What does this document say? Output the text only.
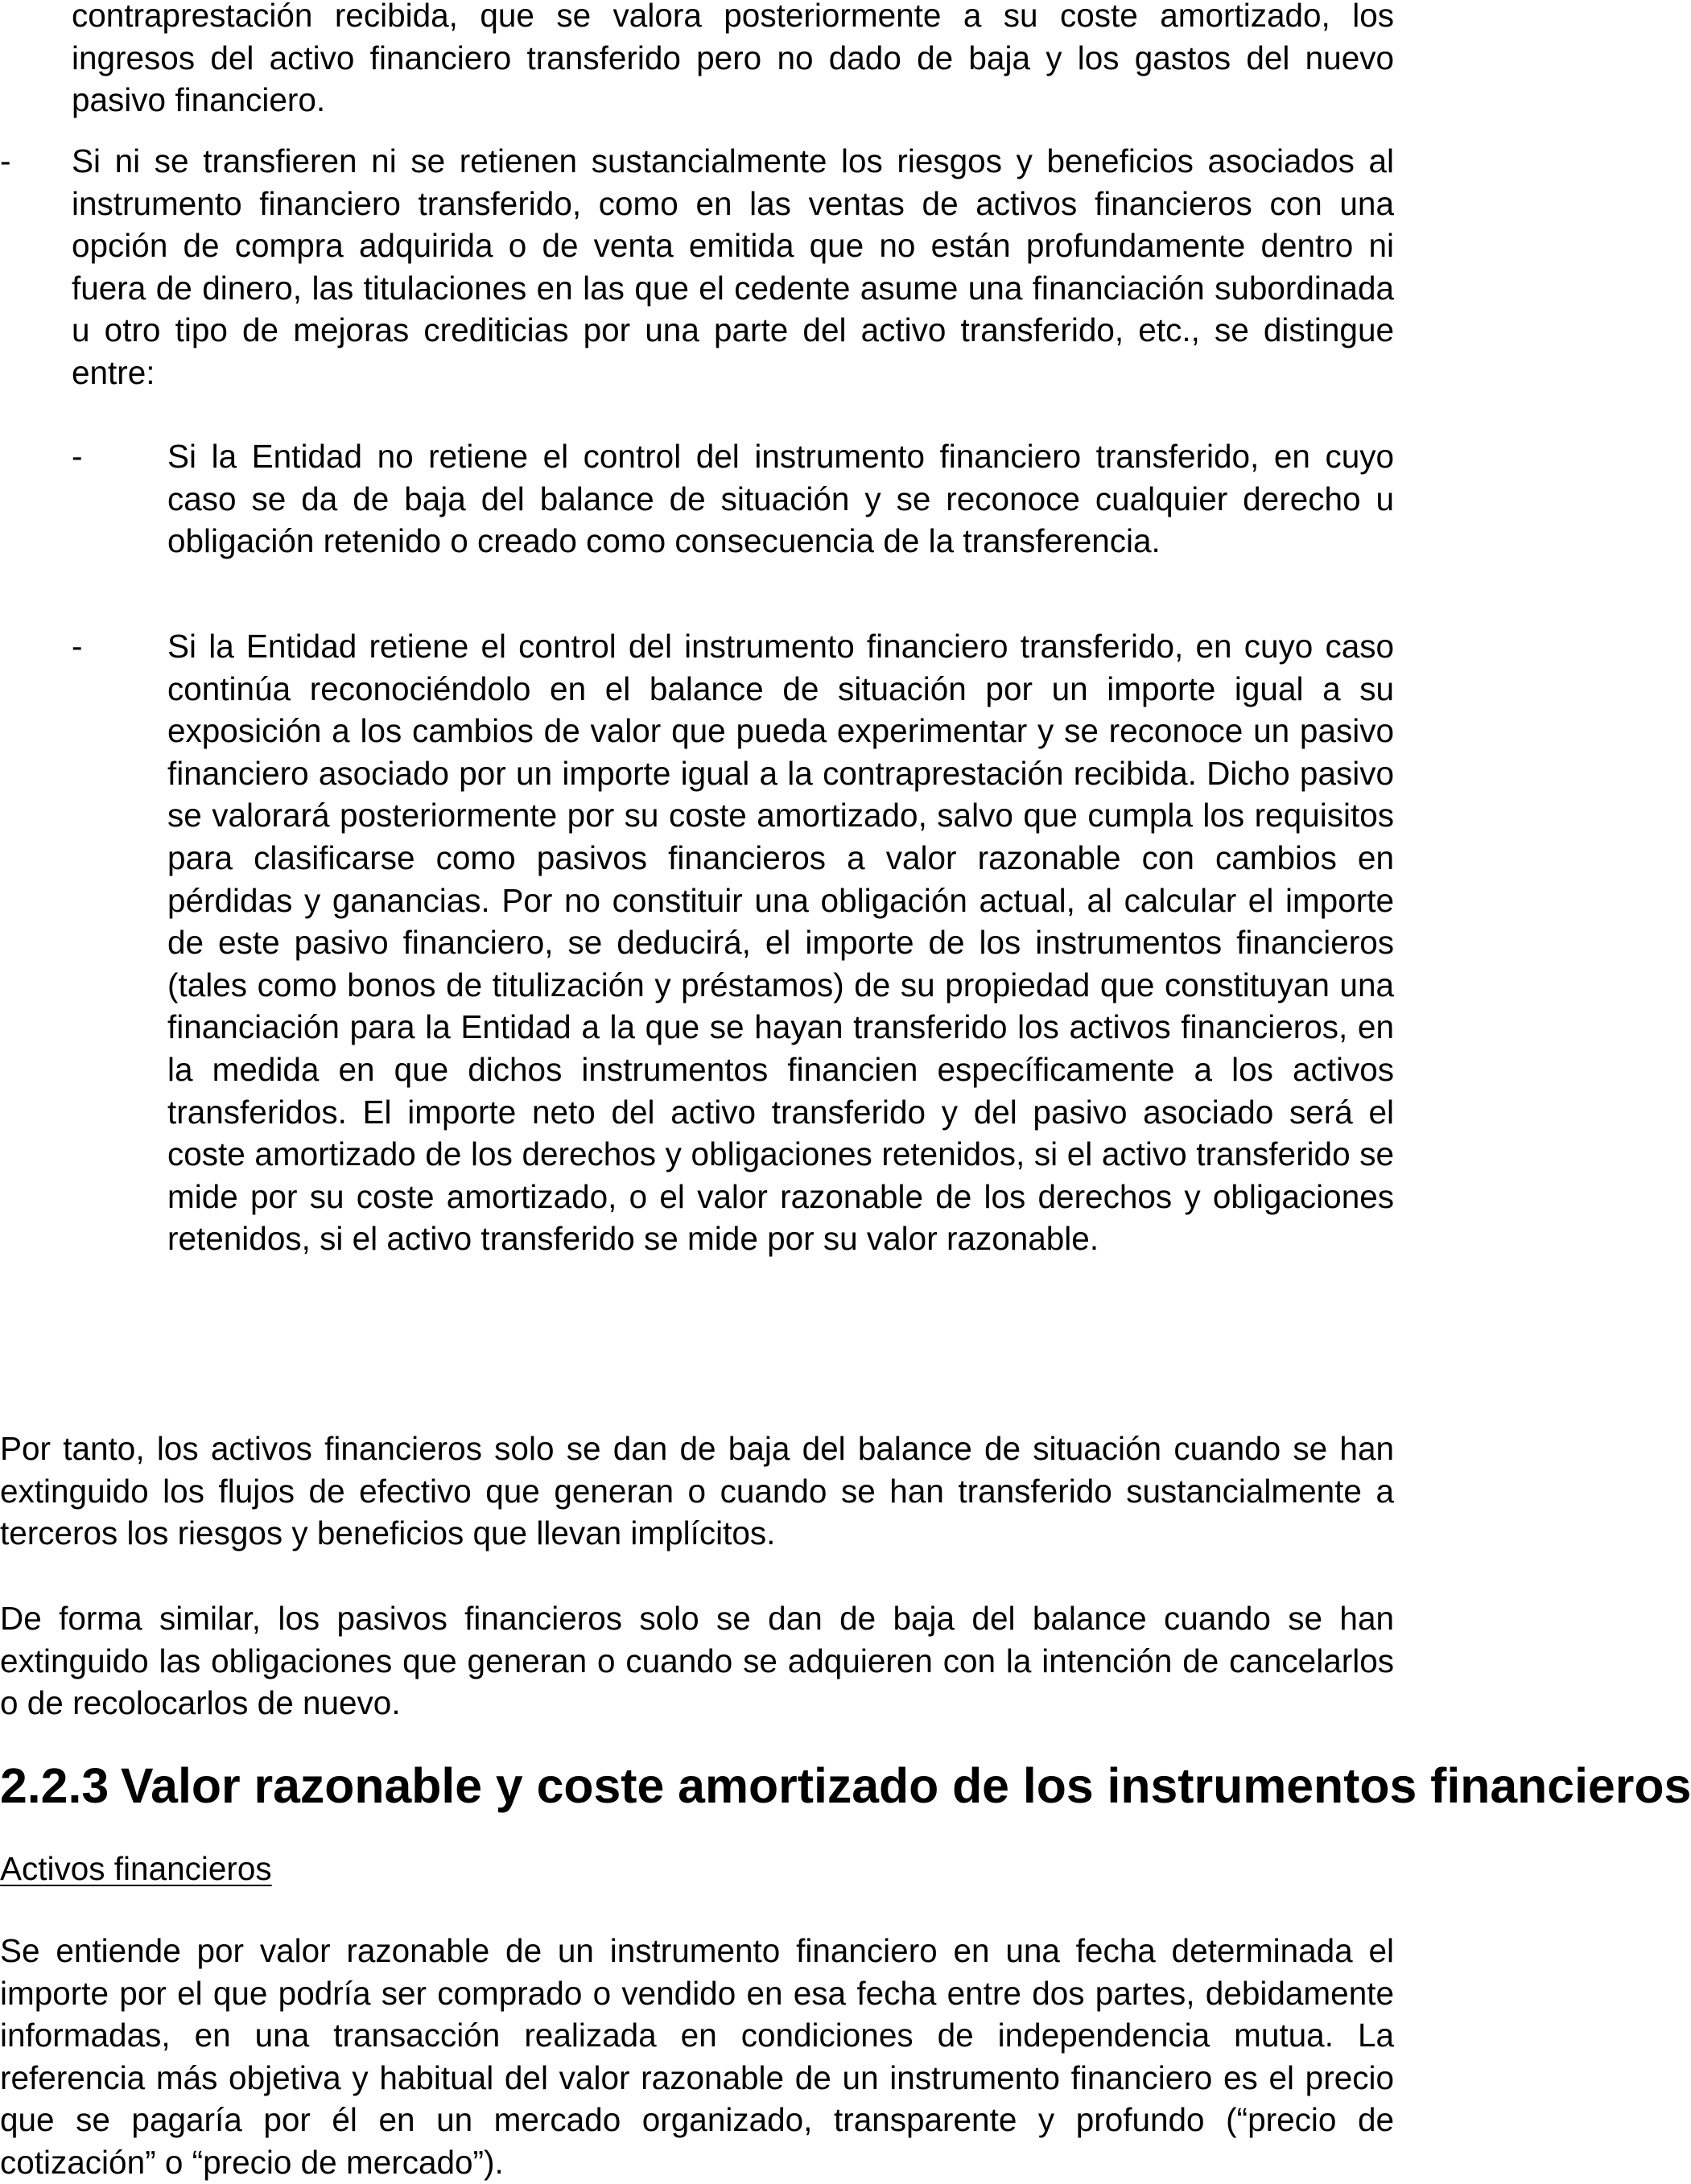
contraprestación recibida, que se valora posteriormente a su coste amortizado, los ingresos del activo financiero transferido pero no dado de baja y los gastos del nuevo pasivo financiero.

- Si ni se transfieren ni se retienen sustancialmente los riesgos y beneficios asociados al instrumento financiero transferido, como en las ventas de activos financieros con una opción de compra adquirida o de venta emitida que no están profundamente dentro ni fuera de dinero, las titulaciones en las que el cedente asume una financiación subordinada u otro tipo de mejoras crediticias por una parte del activo transferido, etc., se distingue entre:

-	Si la Entidad no retiene el control del instrumento financiero transferido, en cuyo caso se da de baja del balance de situación y se reconoce cualquier derecho u obligación retenido o creado como consecuencia de la transferencia.

-	Si la Entidad retiene el control del instrumento financiero transferido, en cuyo caso continúa reconociéndolo en el balance de situación por un importe igual a su exposición a los cambios de valor que pueda experimentar y se reconoce un pasivo financiero asociado por un importe igual a la contraprestación recibida. Dicho pasivo se valorará posteriormente por su coste amortizado, salvo que cumpla los requisitos para clasificarse como pasivos financieros a valor razonable con cambios en pérdidas y ganancias. Por no constituir una obligación actual, al calcular el importe de este pasivo financiero, se deducirá, el importe de los instrumentos financieros (tales como bonos de titulización y préstamos) de su propiedad que constituyan una financiación para la Entidad a la que se hayan transferido los activos financieros, en la medida en que dichos instrumentos financien específicamente a los activos transferidos. El importe neto del activo transferido y del pasivo asociado será el coste amortizado de los derechos y obligaciones retenidos, si el activo transferido se mide por su coste amortizado, o el valor razonable de los derechos y obligaciones retenidos, si el activo transferido se mide por su valor razonable.

Por tanto, los activos financieros solo se dan de baja del balance de situación cuando se han extinguido los flujos de efectivo que generan o cuando se han transferido sustancialmente a terceros los riesgos y beneficios que llevan implícitos.

De forma similar, los pasivos financieros solo se dan de baja del balance cuando se han extinguido las obligaciones que generan o cuando se adquieren con la intención de cancelarlos o de recolocarlos de nuevo.

2.2.3 Valor razonable y coste amortizado de los instrumentos financieros

Activos financieros

Se entiende por valor razonable de un instrumento financiero en una fecha determinada el importe por el que podría ser comprado o vendido en esa fecha entre dos partes, debidamente informadas, en una transacción realizada en condiciones de independencia mutua. La referencia más objetiva y habitual del valor razonable de un instrumento financiero es el precio que se pagaría por él en un mercado organizado, transparente y profundo (“precio de cotización” o “precio de mercado”).
